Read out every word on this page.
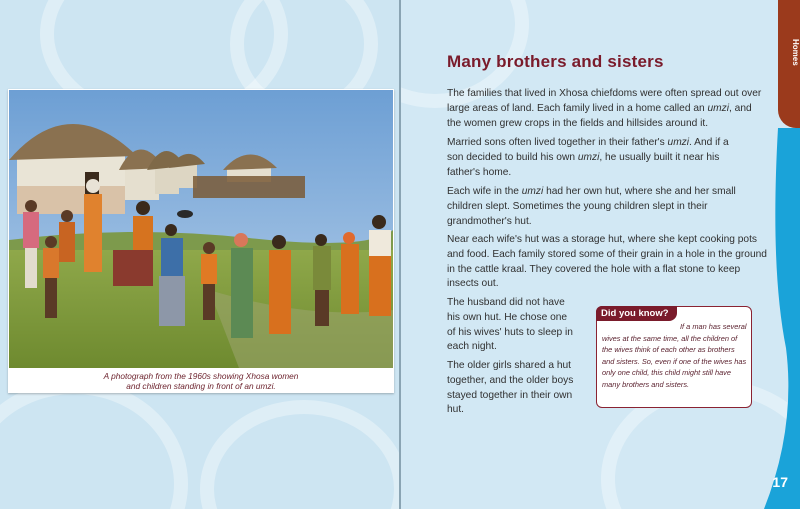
A photograph from the 1960s showing Xhosa women
and children standing in front of an umzi.
Homes
Many brothers and sisters

The families that lived in Xhosa chiefdoms were often spread out over large areas of land. Each family lived in a home called an umzi, and the women grew crops in the fields and hillsides around it.

Married sons often lived together in their father's umzi. And if a son decided to build his own umzi, he usually built it near his father's home.

Each wife in the umzi had her own hut, where she and her small children slept. Sometimes the young children slept in their grandmother's hut.

Near each wife's hut was a storage hut, where she kept cooking pots and food. Each family stored some of their grain in a hole in the ground in the cattle kraal. They covered the hole with a flat stone to keep insects out.

The husband did not have his own hut. He chose one of his wives' huts to sleep in each night.

The older girls shared a hut together, and the older boys stayed together in their own hut.

Did you know?

If a man has several wives at the same time, all the children of the wives think of each other as brothers and sisters. So, even if one of the wives has only one child, this child might still have many brothers and sisters.

17
